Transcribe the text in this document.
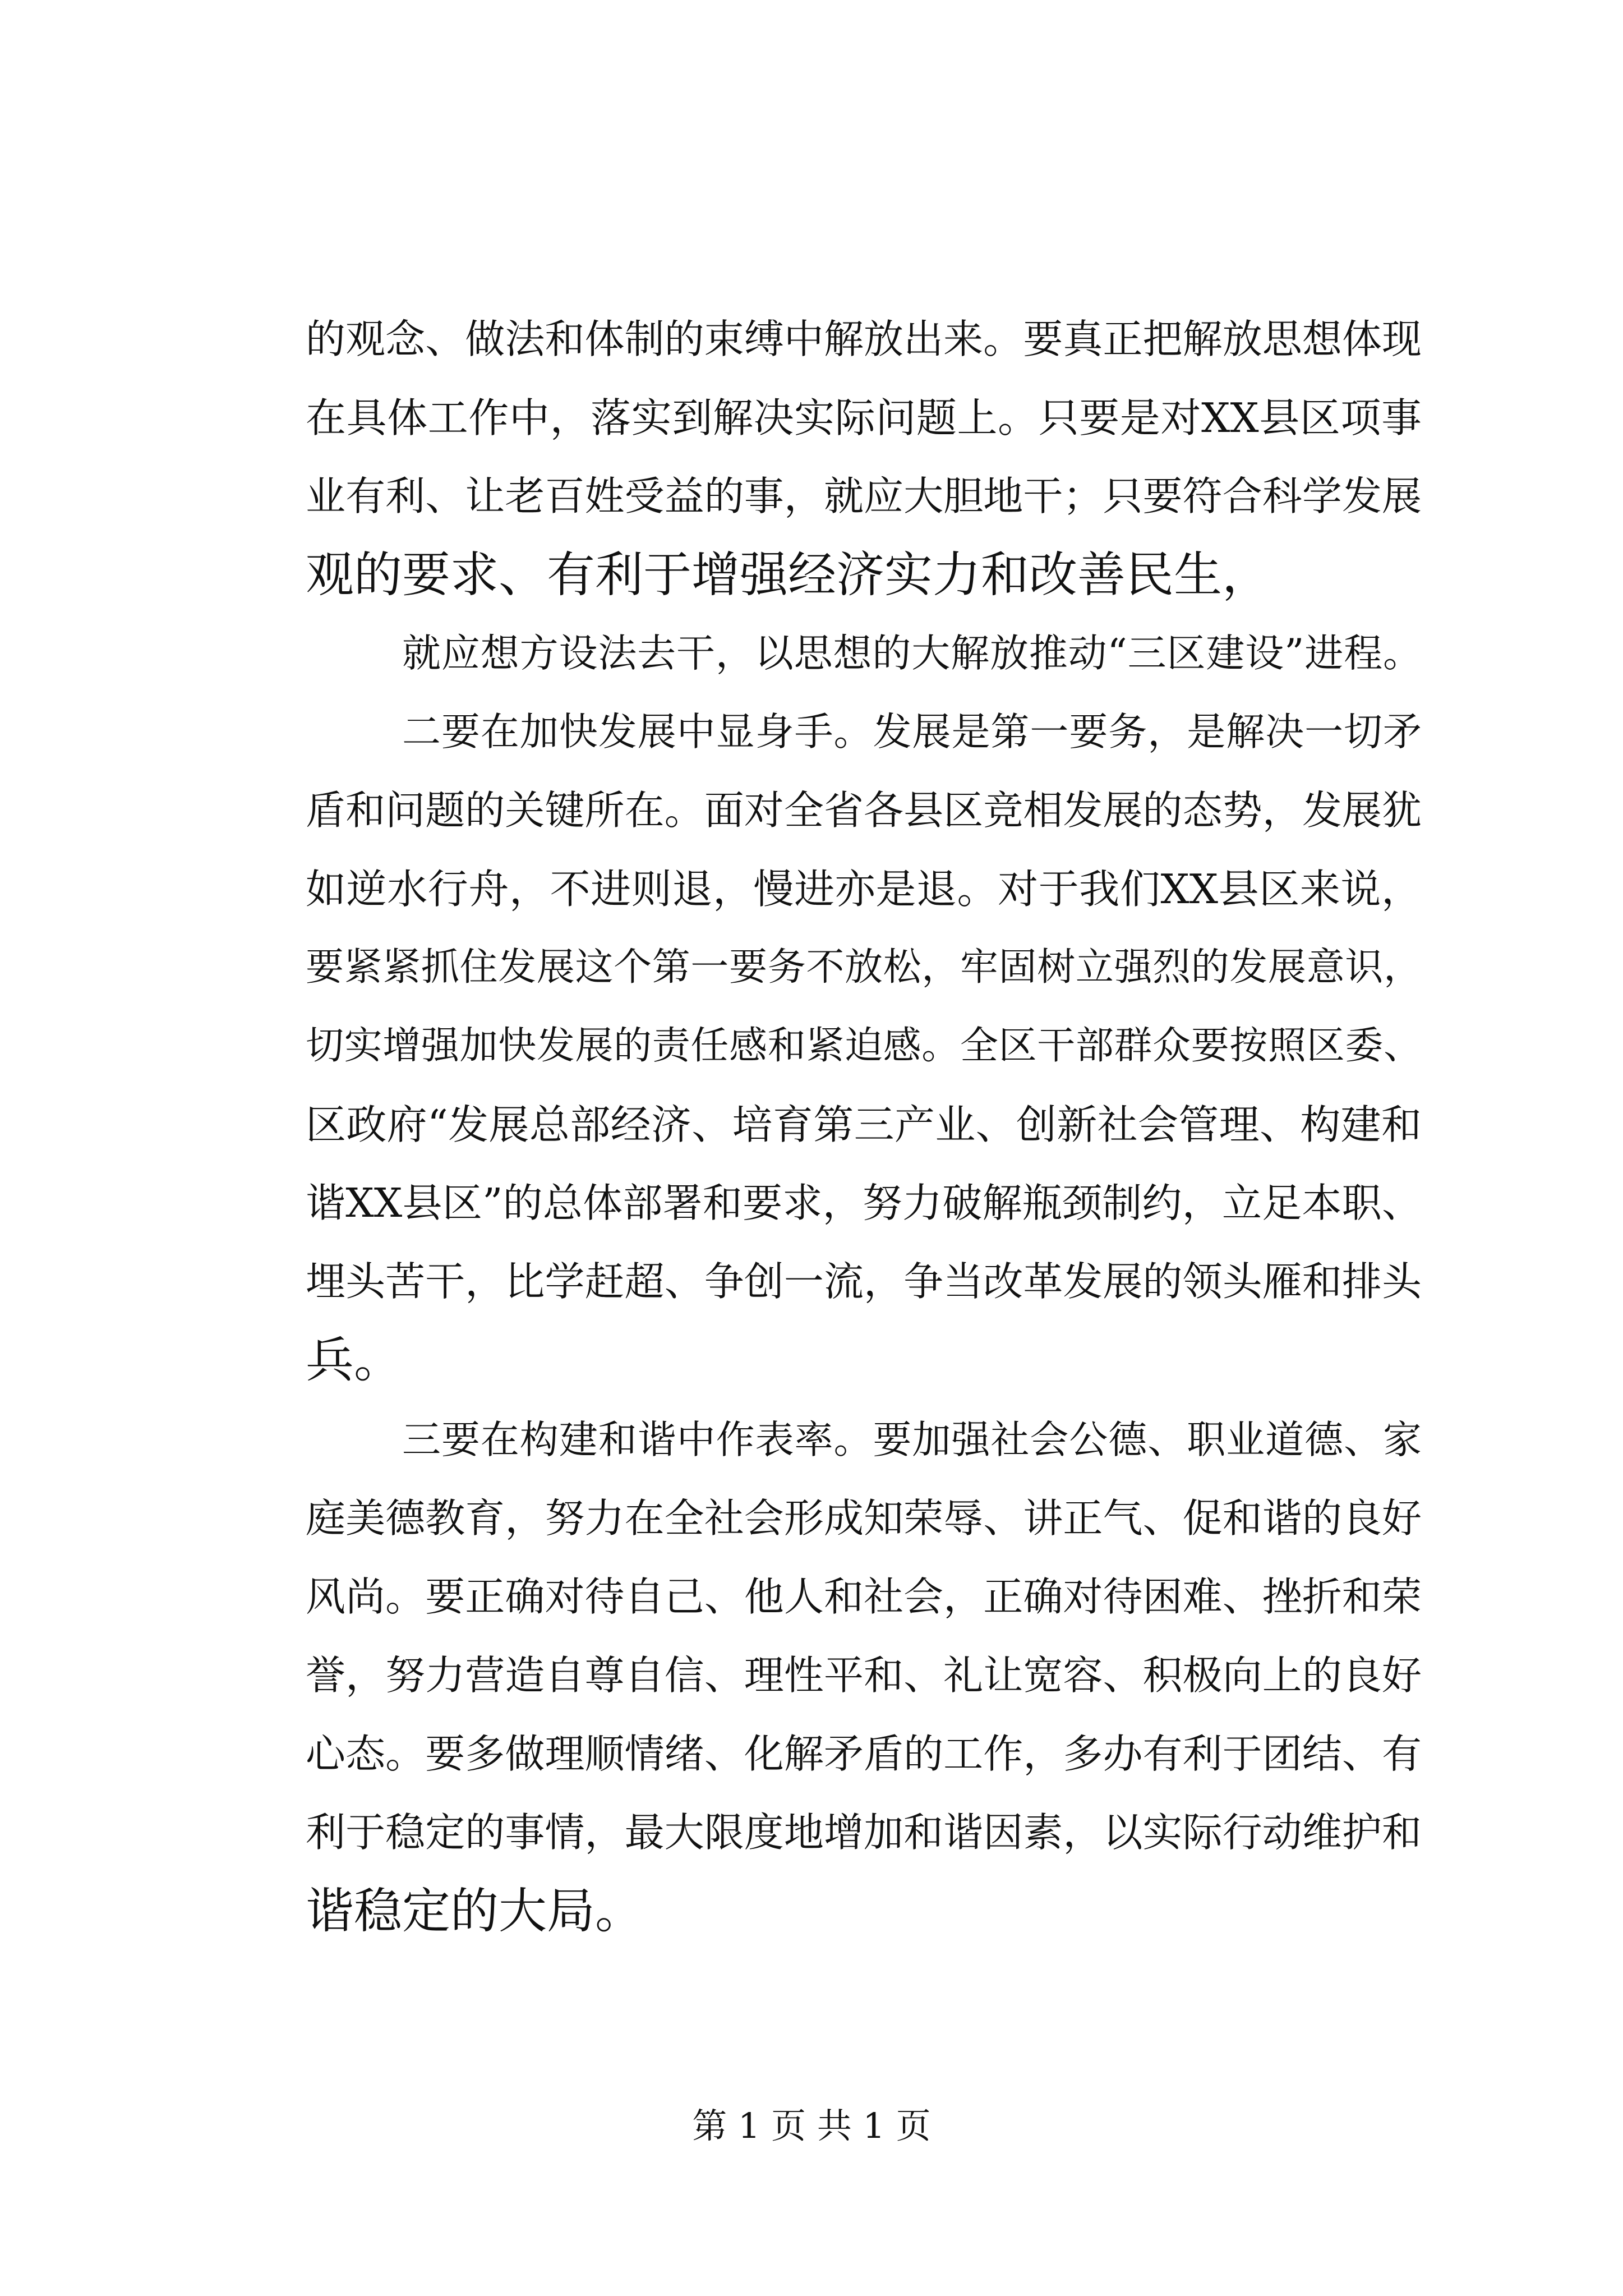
的观念、做法和体制的束缚中解放出来。要真正把解放思想体现
在具体工作中，落实到解决实际问题上。只要是对XX县区项事
业有利、让老百姓受益的事，就应大胆地干；只要符合科学发展
观的要求、有利于增强经济实力和改善民生，
就应想方设法去干，以思想的大解放推动“三区建设”进程。
二要在加快发展中显身手。发展是第一要务，是解决一切矛
盾和问题的关键所在。面对全省各县区竞相发展的态势，发展犹
如逆水行舟，不进则退，慢进亦是退。对于我们XX县区来说，
要紧紧抓住发展这个第一要务不放松，牢固树立强烈的发展意识，
切实增强加快发展的责任感和紧迫感。全区干部群众要按照区委、
区政府“发展总部经济、培育第三产业、创新社会管理、构建和
谐XX县区”的总体部署和要求，努力破解瓶颈制约，立足本职、
埋头苦干，比学赶超、争创一流，争当改革发展的领头雁和排头
兵。
三要在构建和谐中作表率。要加强社会公德、职业道德、家
庭美德教育，努力在全社会形成知荣辱、讲正气、促和谐的良好
风尚。要正确对待自己、他人和社会，正确对待困难、挫折和荣
誉，努力营造自尊自信、理性平和、礼让宽容、积极向上的良好
心态。要多做理顺情绪、化解矛盾的工作，多办有利于团结、有
利于稳定的事情，最大限度地增加和谐因素，以实际行动维护和
谐稳定的大局。
第 1 页 共 1 页
